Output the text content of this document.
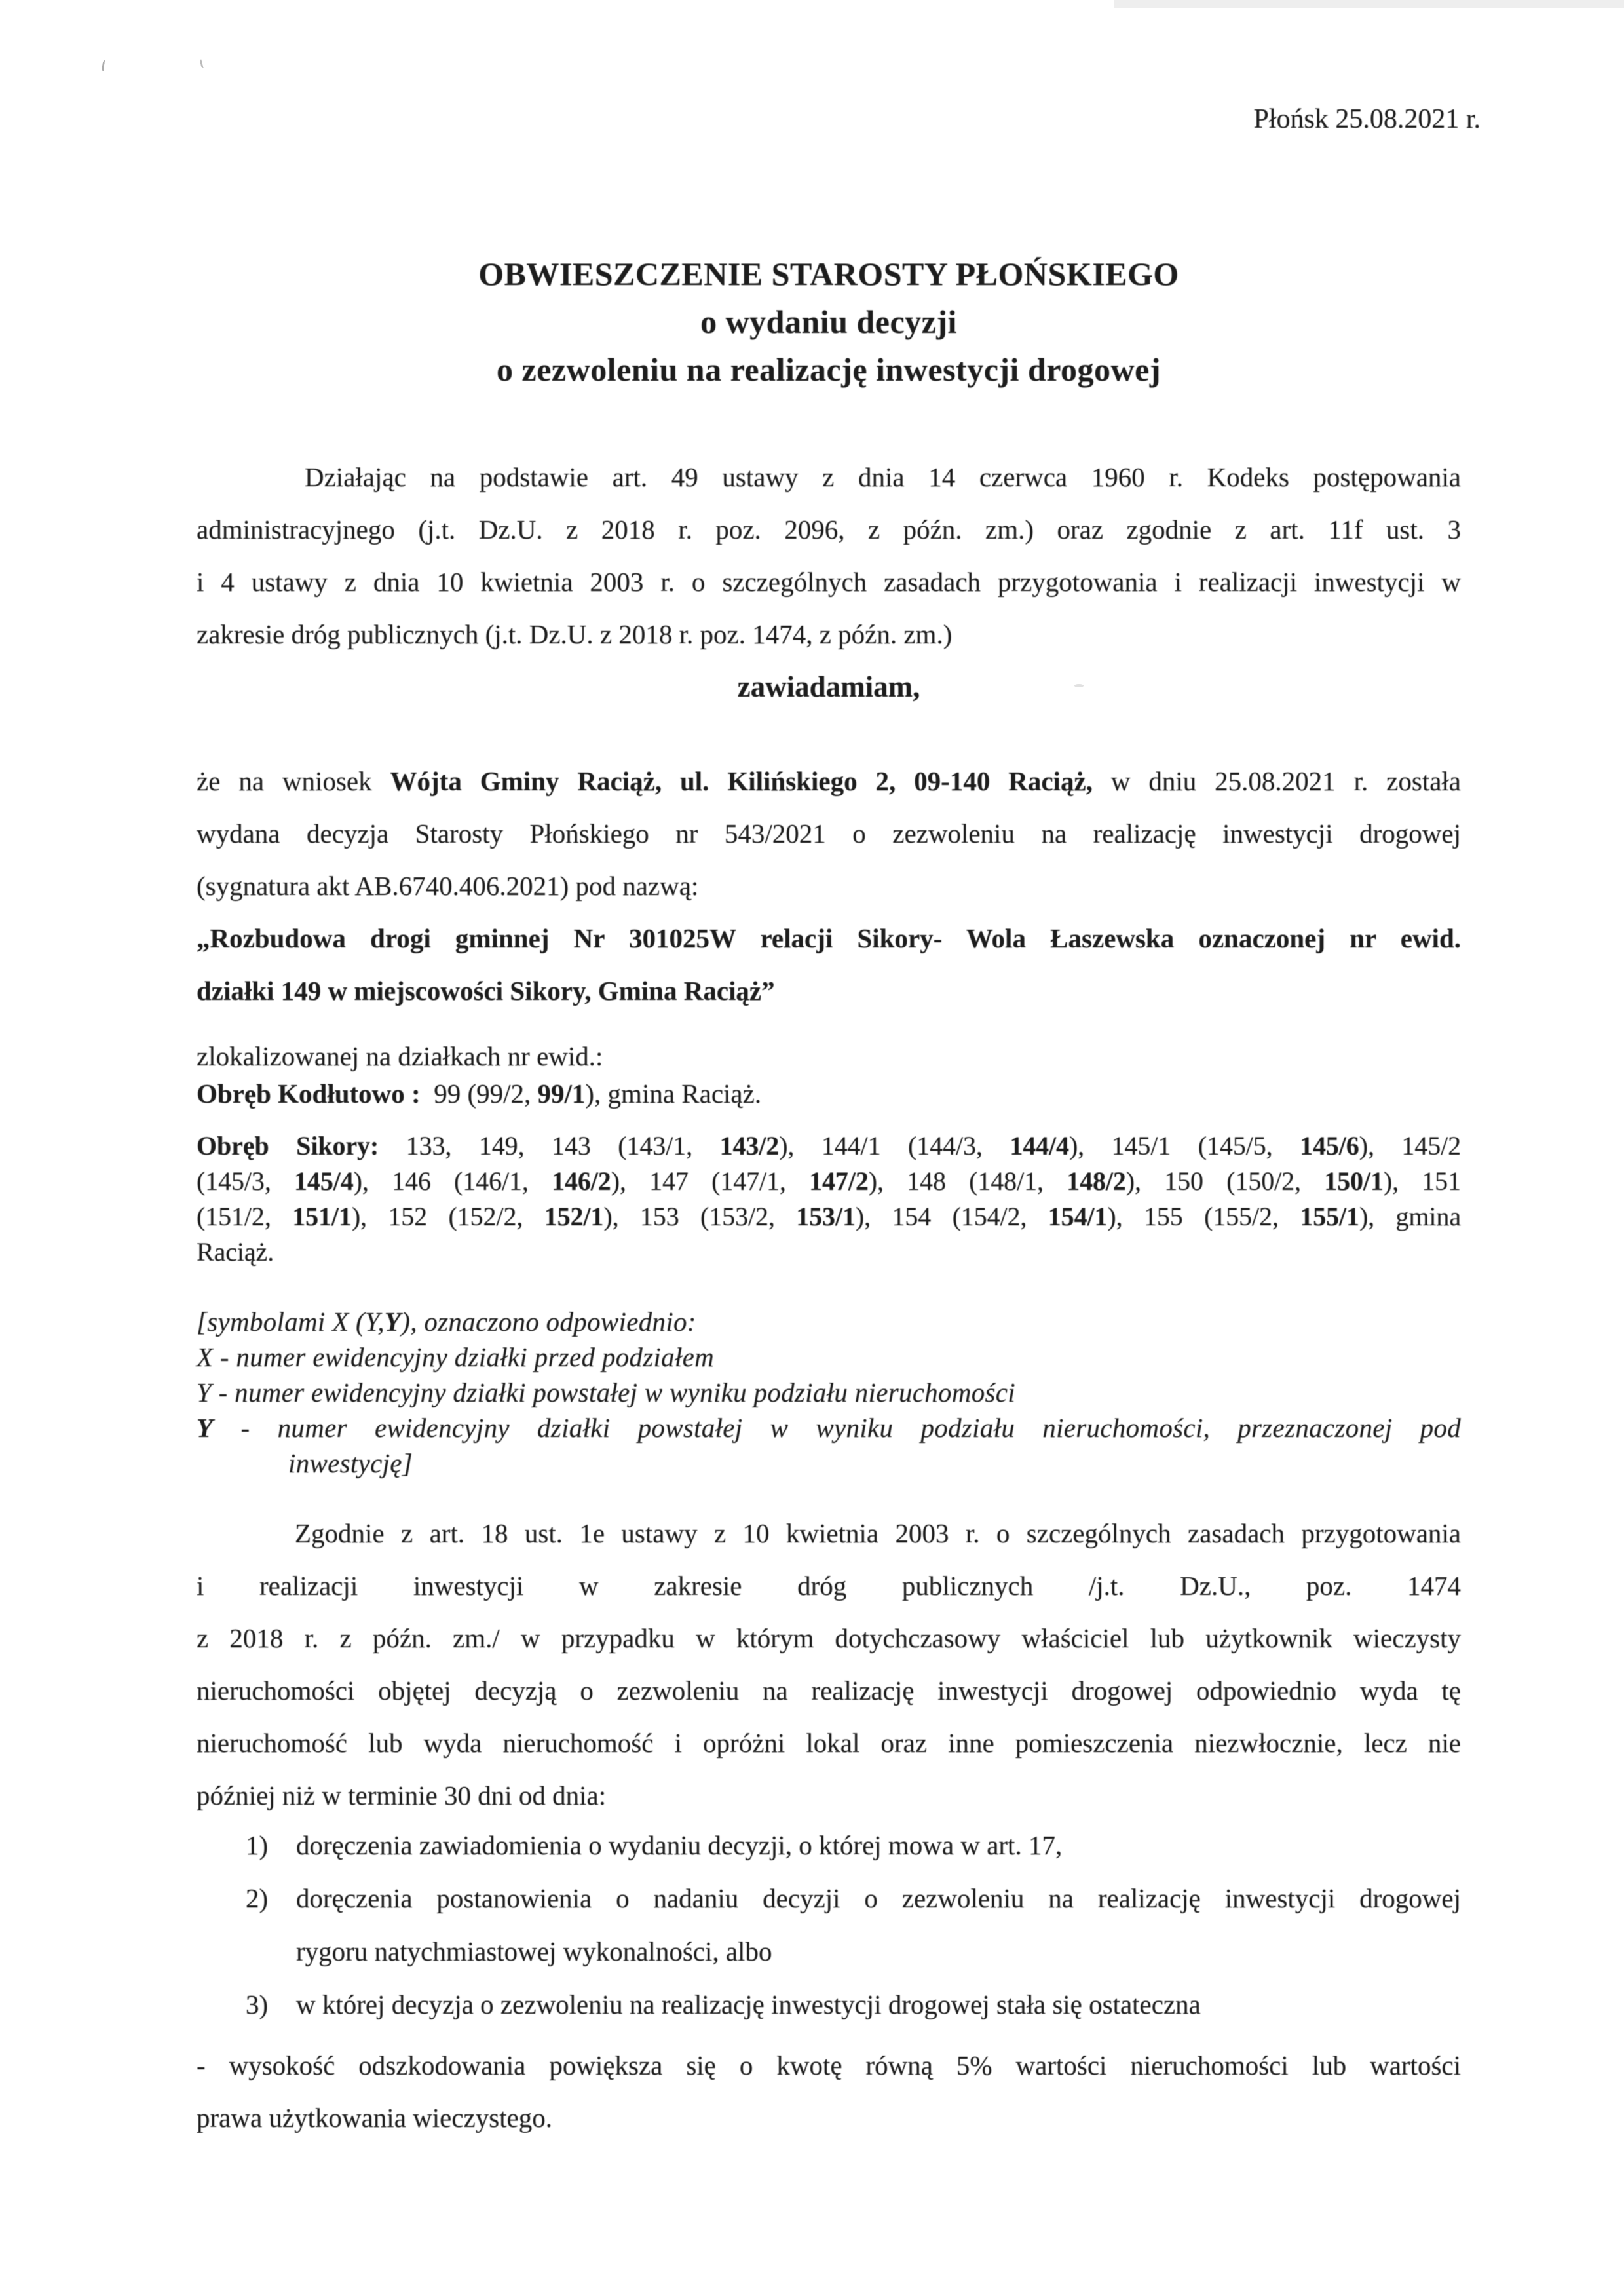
Płońsk 25.08.2021 r.
OBWIESZCZENIE STAROSTY PŁOŃSKIEGO
o wydaniu decyzji
o zezwoleniu na realizację inwestycji drogowej
Działając na podstawie art. 49 ustawy z dnia 14 czerwca 1960 r. Kodeks postępowania
administracyjnego (j.t. Dz.U. z 2018 r. poz. 2096, z późn. zm.) oraz zgodnie z art. 11f ust. 3
i 4 ustawy z dnia 10 kwietnia 2003 r. o szczególnych zasadach przygotowania i realizacji inwestycji w
zakresie dróg publicznych (j.t. Dz.U. z 2018 r. poz. 1474, z późn. zm.)
zawiadamiam,
że na wniosek Wójta Gminy Raciąż, ul. Kilińskiego 2, 09-140 Raciąż, w dniu 25.08.2021 r. została
wydana decyzja Starosty Płońskiego nr 543/2021 o zezwoleniu na realizację inwestycji drogowej
(sygnatura akt AB.6740.406.2021) pod nazwą:
„Rozbudowa drogi gminnej Nr 301025W relacji Sikory- Wola Łaszewska oznaczonej nr ewid.
działki 149 w miejscowości Sikory, Gmina Raciąż”
zlokalizowanej na działkach nr ewid.:
Obręb Kodłutowo :  99 (99/2, 99/1), gmina Raciąż.
Obręb Sikory: 133, 149, 143 (143/1, 143/2), 144/1 (144/3, 144/4), 145/1 (145/5, 145/6), 145/2
(145/3, 145/4), 146 (146/1, 146/2), 147 (147/1, 147/2), 148 (148/1, 148/2), 150 (150/2, 150/1), 151
(151/2, 151/1), 152 (152/2, 152/1), 153 (153/2, 153/1), 154 (154/2, 154/1), 155 (155/2, 155/1), gmina
Raciąż.
[symbolami X (Y,Y), oznaczono odpowiednio:
X - numer ewidencyjny działki przed podziałem
Y - numer ewidencyjny działki powstałej w wyniku podziału nieruchomości
Y - numer ewidencyjny działki powstałej w wyniku podziału nieruchomości, przeznaczonej pod
inwestycję]
Zgodnie z art. 18 ust. 1e ustawy z 10 kwietnia 2003 r. o szczególnych zasadach przygotowania
i realizacji inwestycji w zakresie dróg publicznych /j.t. Dz.U., poz. 1474
z 2018 r. z późn. zm./ w przypadku w którym dotychczasowy właściciel lub użytkownik wieczysty
nieruchomości objętej decyzją o zezwoleniu na realizację inwestycji drogowej odpowiednio wyda tę
nieruchomość lub wyda nieruchomość i opróżni lokal oraz inne pomieszczenia niezwłocznie, lecz nie
później niż w terminie 30 dni od dnia:
1) doręczenia zawiadomienia o wydaniu decyzji, o której mowa w art. 17,
2) doręczenia postanowienia o nadaniu decyzji o zezwoleniu na realizację inwestycji drogowej
rygoru natychmiastowej wykonalności, albo
3) w której decyzja o zezwoleniu na realizację inwestycji drogowej stała się ostateczna
- wysokość odszkodowania powiększa się o kwotę równą 5% wartości nieruchomości lub wartości
prawa użytkowania wieczystego.
